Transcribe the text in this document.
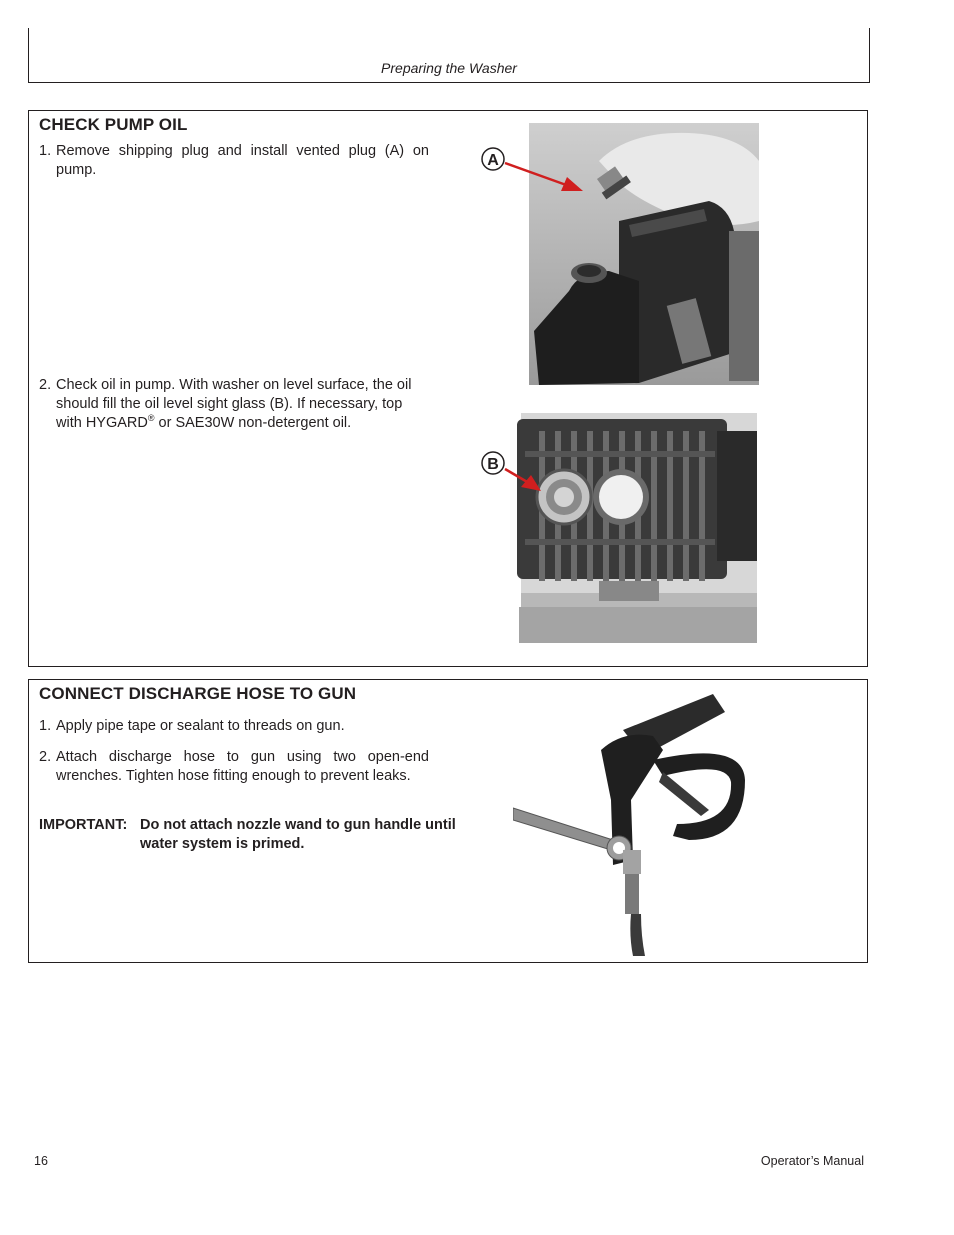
Preparing the Washer
CHECK PUMP OIL
1. Remove shipping plug and install vented plug (A) on pump.
2. Check oil in pump. With washer on level surface, the oil should fill the oil level sight glass (B). If necessary, top with HYGARD® or SAE30W non-detergent oil.
A
B
CONNECT DISCHARGE HOSE TO GUN
1. Apply pipe tape or sealant to threads on gun.
2. Attach discharge hose to gun using two open-end wrenches. Tighten hose fitting enough to prevent leaks.
IMPORTANT: Do not attach nozzle wand to gun handle until water system is primed.
16	Operator’s Manual
